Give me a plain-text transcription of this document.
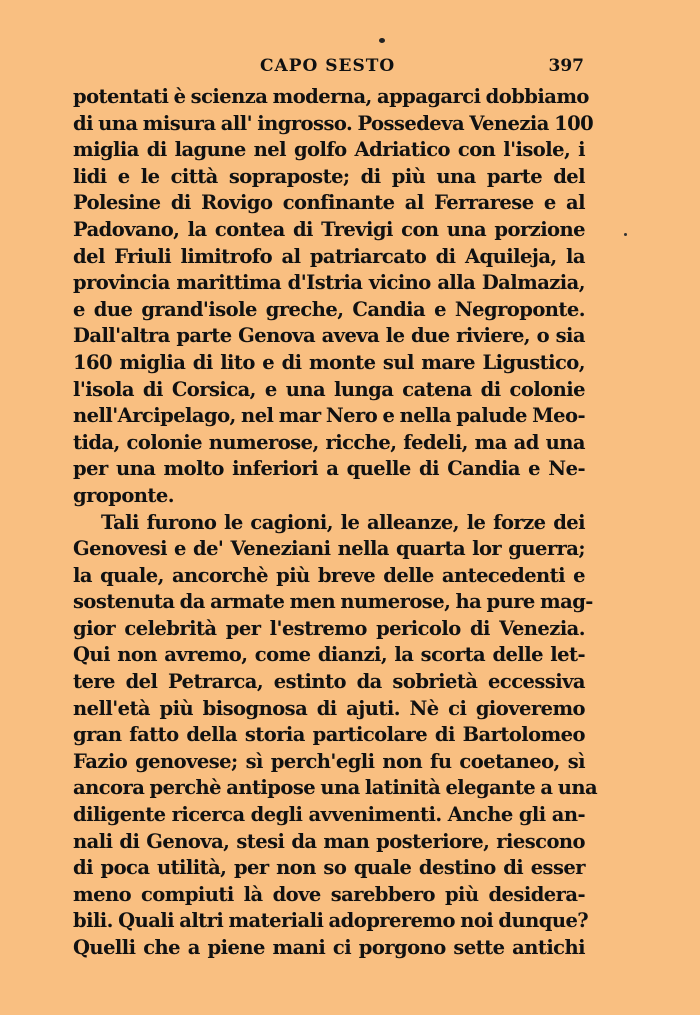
CAPO SESTO	397
potentati è scienza moderna, appagarci dobbiamo
di una misura all' ingrosso. Possedeva Venezia 100
miglia di lagune nel golfo Adriatico con l'isole, i
lidi e le città sopraposte; di più una parte del
Polesine di Rovigo confinante al Ferrarese e al
Padovano, la contea di Trevigi con una porzione
del Friuli limitrofo al patriarcato di Aquileja, la
provincia marittima d'Istria vicino alla Dalmazia,
e due grand'isole greche, Candia e Negroponte.
Dall'altra parte Genova aveva le due riviere, o sia
160 miglia di lito e di monte sul mare Ligustico,
l'isola di Corsica, e una lunga catena di colonie
nell'Arcipelago, nel mar Nero e nella palude Meo-
tida, colonie numerose, ricche, fedeli, ma ad una
per una molto inferiori a quelle di Candia e Ne-
groponte.
Tali furono le cagioni, le alleanze, le forze dei
Genovesi e de' Veneziani nella quarta lor guerra;
la quale, ancorchè più breve delle antecedenti e
sostenuta da armate men numerose, ha pure mag-
gior celebrità per l'estremo pericolo di Venezia.
Qui non avremo, come dianzi, la scorta delle let-
tere del Petrarca, estinto da sobrietà eccessiva
nell'età più bisognosa di ajuti. Nè ci gioveremo
gran fatto della storia particolare di Bartolomeo
Fazio genovese; sì perch'egli non fu coetaneo, sì
ancora perchè antipose una latinità elegante a una
diligente ricerca degli avvenimenti. Anche gli an-
nali di Genova, stesi da man posteriore, riescono
di poca utilità, per non so quale destino di esser
meno compiuti là dove sarebbero più desidera-
bili. Quali altri materiali adopreremo noi dunque?
Quelli che a piene mani ci porgono sette antichi
